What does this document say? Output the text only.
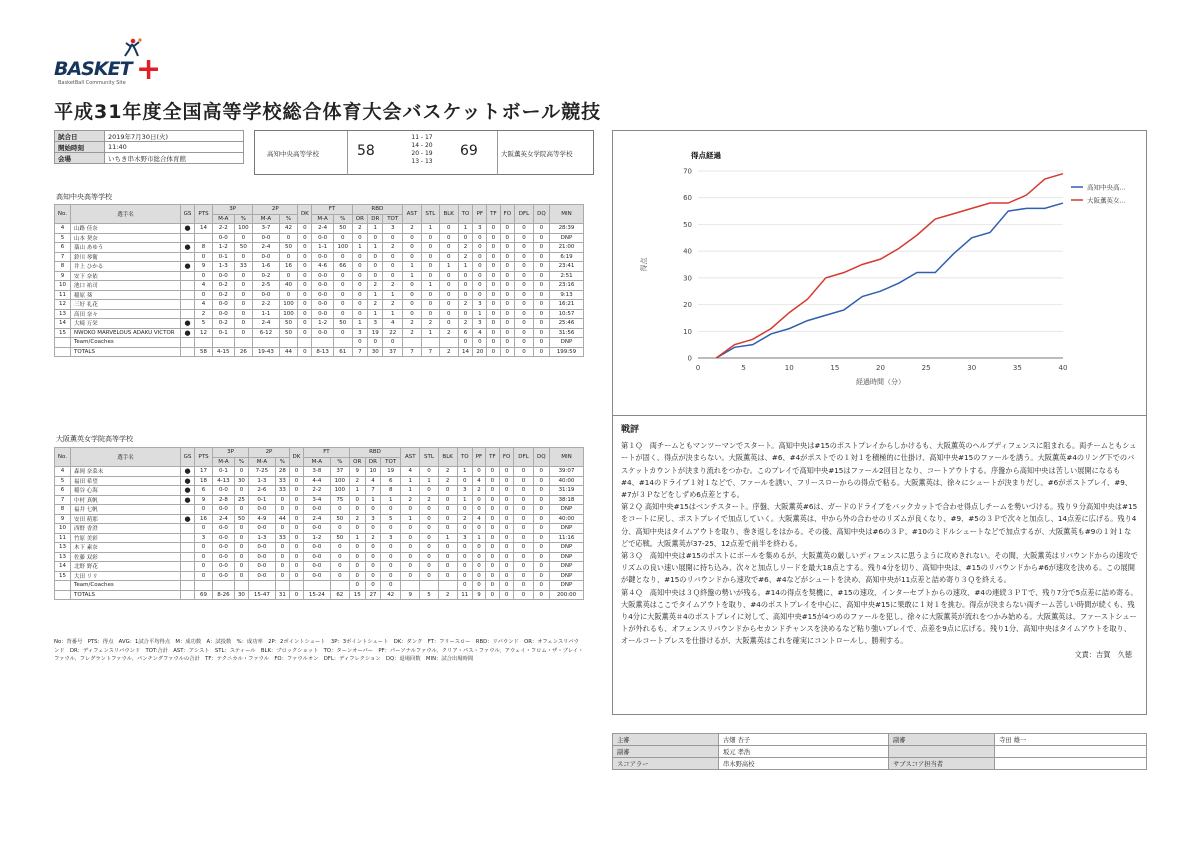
BASKET +
BasketBall Community Site
平成31年度全国高等学校総合体育大会バスケットボール競技
試合日	2019年7月30日(火)
開始時刻	11:40
会場	いちき串木野市総合体育館
高知中央高等学校	58
11 - 17
14 - 20
20 - 19
13 - 13
69	大阪薫英女学院高等学校
高知中央高等学校
No.	選手名	GS	PTS	3P		2P		DK	FT		RBD			AST	STL	BLK	TO	PF	TF	FO	DFL	DQ	MIN
				M-A	%	M-A	%		M-A	%	OR	DR	TOT										
4	山路 佳奈	●	14	2-2	100	3-7	42	0	2-4	50	2	1	3	2	1	0	1	3	0	0	0	0	28:39
5	山本 契奈			0-0	0	0-0	0	0	0-0	0	0	0	0	0	0	0	0	0	0	0	0	0	DNP
6	藁山 あゆう	●	8	1-2	50	2-4	50	0	1-1	100	1	1	2	0	0	0	2	0	0	0	0	0	21:00
7	鈴川 琴衛		0	0-1	0	0-0	0	0	0-0	0	0	0	0	0	0	0	2	0	0	0	0	0	6:19
8	井上 ひかる	●	9	1-3	33	1-6	16	0	4-6	66	0	0	0	1	0	1	1	0	0	0	0	0	23:41
9	安下 奈依		0	0-0	0	0-2	0	0	0-0	0	0	0	0	1	0	0	0	0	0	0	0	0	2:51
10	池口 祐司		4	0-2	0	2-5	40	0	0-0	0	0	2	2	0	1	0	0	0	0	0	0	0	23:16
11	稲原 葵		0	0-2	0	0-0	0	0	0-0	0	0	1	1	0	0	0	0	0	0	0	0	0	9:13
12	三好 礼花		4	0-0	0	2-2	100	0	0-0	0	0	2	2	0	0	0	2	3	0	0	0	0	16:21
13	高田 奈々		2	0-0	0	1-1	100	0	0-0	0	0	1	1	0	0	0	0	1	0	0	0	0	10:57
14	大崎 万栄	●	5	0-2	0	2-4	50	0	1-2	50	1	3	4	2	2	0	2	3	0	0	0	0	25:46
15	NWOKO MARVELOUS ADAKU VICTOR	●	12	0-1	0	6-12	50	0	0-0	0	3	19	22	2	1	2	6	4	0	0	0	0	31:56
	Team/Coaches										0	0	0				0	0	0	0	0	0	DNP
	TOTALS		58	4-15	26	19-43	44	0	8-13	61	7	30	37	7	7	2	14	20	0	0	0	0	199:59
大阪薫英女学院高等学校
No.	選手名	GS	PTS	3P		2P		DK	FT		RBD			AST	STL	BLK	TO	PF	TF	FO	DFL	DQ	MIN
				M-A	%	M-A	%		M-A	%	OR	DR	TOT										
4	森岡 奈菜未	●	17	0-1	0	7-25	28	0	3-8	37	9	10	19	4	0	2	1	0	0	0	0	0	39:07
5	福田 希望	●	18	4-13	30	1-3	33	0	4-4	100	2	4	6	1	1	2	0	4	0	0	0	0	40:00
6	稲谷 心海	●	6	0-0	0	2-6	33	0	2-2	100	1	7	8	1	0	0	3	2	0	0	0	0	31:19
7	中村 真帆	●	9	2-8	25	0-1	0	0	3-4	75	0	1	1	2	2	0	1	0	0	0	0	0	38:18
8	福井 七帆		0	0-0	0	0-0	0	0	0-0	0	0	0	0	0	0	0	0	0	0	0	0	0	DNP
9	安田 萌那	●	16	2-4	50	4-9	44	0	2-4	50	2	3	5	1	0	0	2	4	0	0	0	0	40:00
10	西野 香澄		0	0-0	0	0-0	0	0	0-0	0	0	0	0	0	0	0	0	0	0	0	0	0	DNP
11	竹原 美彩		3	0-0	0	1-3	33	0	1-2	50	1	2	3	0	0	1	3	1	0	0	0	0	11:16
13	木下 素奈		0	0-0	0	0-0	0	0	0-0	0	0	0	0	0	0	0	0	0	0	0	0	0	DNP
13	佐藤 双彩		0	0-0	0	0-0	0	0	0-0	0	0	0	0	0	0	0	0	0	0	0	0	0	DNP
14	北野 野花		0	0-0	0	0-0	0	0	0-0	0	0	0	0	0	0	0	0	0	0	0	0	0	DNP
15	大田 リリ		0	0-0	0	0-0	0	0	0-0	0	0	0	0	0	0	0	0	0	0	0	0	0	DNP
	Team/Coaches										0	0	0				0	0	0	0	0	0	DNP
	TOTALS		69	8-26	30	15-47	31	0	15-24	62	15	27	42	9	5	2	11	9	0	0	0	0	200:00
No：背番号　PTS：得点　AVG：1試合平均得点　M：成功数　A：試投数　%：成功率　2P：2ポイントシュート　3P：3ポイントシュート　DK：ダンク　FT：フリースロー　RBD：リバウンド　OR：オフェンスリバウンド　DR：ディフェンスリバウンド　TOT:合計　AST：アシスト　STL：スティール　BLK：ブロックショット　TO：ターンオーバー　PF：パーソナルファウル、クリア・パス・ファウル、アウェイ・フロム・ザ・ブレイ・ファウル、フレグラントファウル、パンチングファウルの合計　TF：テクニカル・ファウル　FO：ファウルオン　DFL：ディフレクション　DQ：退場回数　MIN：試合出場時間
得点経過
0
10
20
30
40
50
60
70
0	5	10	15	20	25	30	35	40
経過時間（分）
得点
高知中央高...
大阪薫英女...
戦評
第１Ｑ　両チームともマンツーマンでスタート。高知中央は#15のポストプレイからしかけるも、大阪薫英のヘルプディフェンスに阻まれる。両チームともシュートが固く、得点が決まらない。大阪薫英は、#6、#4がポストでの１対１を積極的に仕掛け、高知中央#15のファールを誘う。大阪薫英#4のリング下でのバスケットカウントが決まり流れをつかむ。このプレイで高知中央#15はファール2回目となり、コートアウトする。序盤から高知中央は苦しい展開になるも#4、#14のドライブ１対１などで、ファールを誘い、フリースローからの得点で粘る。大阪薫英は、徐々にシュートが決まりだし、#6がポストプレイ、#9、#7が３Ｐなどをしずめ6点差とする。
第２Ｑ 高知中央#15はベンチスタート。序盤、大阪薫英#6は、ガードのドライブをバックカットで合わせ得点しチームを勢いづける。残り９分高知中央は#15をコートに戻し、ポストプレイで加点していく。大阪薫英は、中から外の合わせのリズムが良くなり、#9、#5の３Ｐで次々と加点し、14点差に広げる。残り4分、高知中央はタイムアウトを取り、巻き返しをはかる。その後、高知中央は#6の３Ｐ、#10のミドルシュートなどで加点するが、大阪薫英も#9の１対１などで応戦。大阪薫英が37-25、12点差で前半を終わる。
第３Ｑ　高知中央は#15のポストにボールを集めるが、大阪薫英の厳しいディフェンスに思うように攻めきれない。その間、大阪薫英はリバウンドからの速攻でリズムの良い速い展開に持ち込み、次々と加点しリードを最大18点とする。残り4分を切り、高知中央は、#15のリバウンドから#6が速攻を決める。この展開が鍵となり、#15のリバウンドから速攻で#6、#4などがシュートを決め、高知中央が11点差と詰め寄り３Ｑを終える。
第４Ｑ　高知中央は３Ｑ終盤の勢いが残る。#14の得点を契機に、#15の速攻、インターセプトからの速攻、#4の連続３ＰＴで、残り7分で5点差に詰め寄る。大阪薫英はここでタイムアウトを取り、#4のポストプレイを中心に、高知中央#15に果敢に１対１を挑む。得点が決まらない両チーム苦しい時間が続くも、残り4分に大阪薫英＃4のポストプレイに対して、高知中央#15が4つめのファールを犯し、徐々に大阪薫英が流れをつかみ始める。大阪薫英は、ファーストシュートが外れるも、オフェンスリバウンドからセカンドチャンスを決めるなど粘り強いプレイで、点差を9点に広げる。残り1分、高知中央はタイムアウトを取り、オールコートプレスを仕掛けるが、大阪薫英はこれを確実にコントロールし、勝利する。
文責：吉賀　久徳
主審	古畑 杏子	副審	寺田 雄一
副審	坂元 孝浩		
スコアラー	串木野高校	サブスコア担当者	
